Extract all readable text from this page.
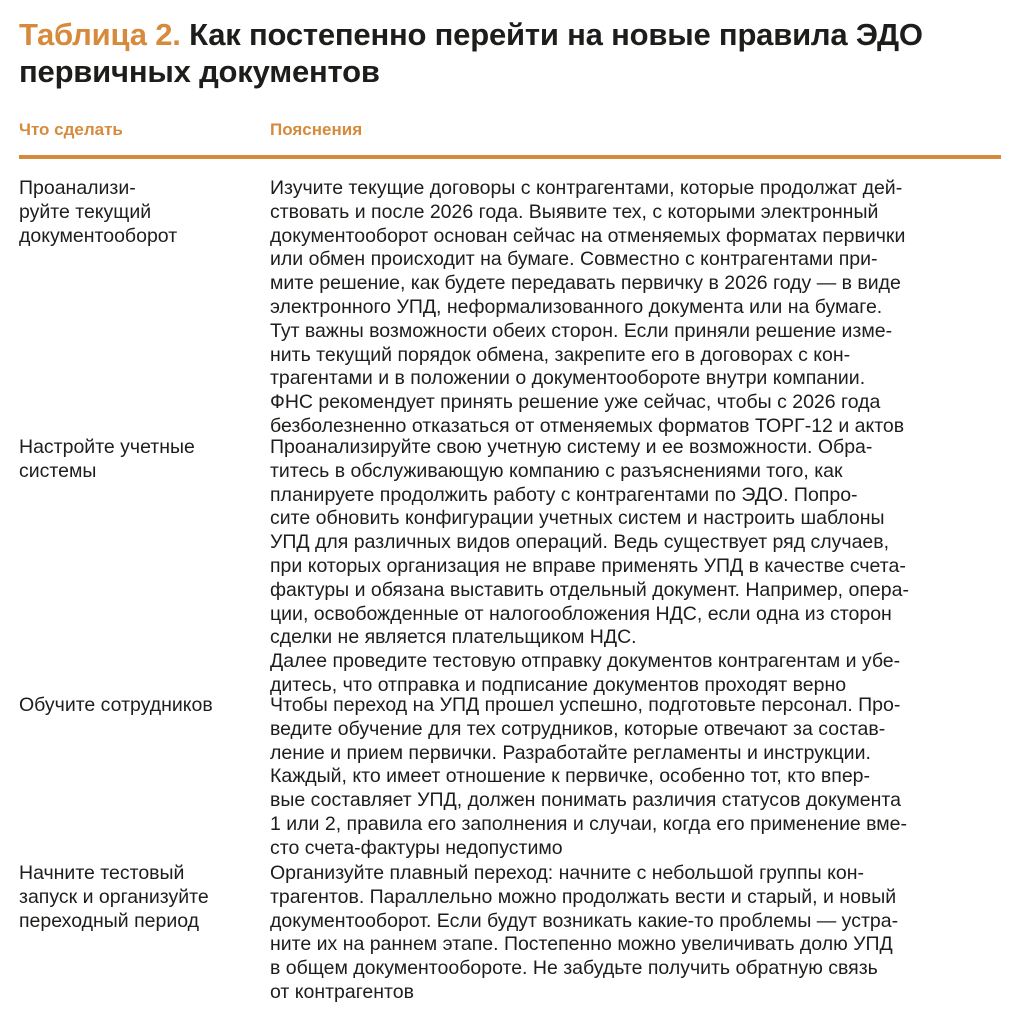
Таблица 2. Как постепенно перейти на новые правила ЭДО первичных документов
Что сделать	Пояснения
Проанализи-
руйте текущий
документооборот
Изучите текущие договоры с контрагентами, которые продолжат дей-
ствовать и после 2026 года. Выявите тех, с которыми электронный
документооборот основан сейчас на отменяемых форматах первички
или обмен происходит на бумаге. Совместно с контрагентами при-
мите решение, как будете передавать первичку в 2026 году — в виде
электронного УПД, неформализованного документа или на бумаге.
Тут важны возможности обеих сторон. Если приняли решение изме-
нить текущий порядок обмена, закрепите его в договорах с кон-
трагентами и в положении о документообороте внутри компании.
ФНС рекомендует принять решение уже сейчас, чтобы с 2026 года
безболезненно отказаться от отменяемых форматов ТОРГ-12 и актов
Настройте учетные
системы
Проанализируйте свою учетную систему и ее возможности. Обра-
титесь в обслуживающую компанию с разъяснениями того, как
планируете продолжить работу с контрагентами по ЭДО. Попро-
сите обновить конфигурации учетных систем и настроить шаблоны
УПД для различных видов операций. Ведь существует ряд случаев,
при которых организация не вправе применять УПД в качестве счета-
фактуры и обязана выставить отдельный документ. Например, опера-
ции, освобожденные от налогообложения НДС, если одна из сторон
сделки не является плательщиком НДС.
Далее проведите тестовую отправку документов контрагентам и убе-
дитесь, что отправка и подписание документов проходят верно
Обучите сотрудников	Чтобы переход на УПД прошел успешно, подготовьте персонал. Про-
ведите обучение для тех сотрудников, которые отвечают за состав-
ление и прием первички. Разработайте регламенты и инструкции.
Каждый, кто имеет отношение к первичке, особенно тот, кто впер-
вые составляет УПД, должен понимать различия статусов документа
1 или 2, правила его заполнения и случаи, когда его применение вме-
сто счета-фактуры недопустимо
Начните тестовый
запуск и организуйте
переходный период
Организуйте плавный переход: начните с небольшой группы кон-
трагентов. Параллельно можно продолжать вести и старый, и новый
документооборот. Если будут возникать какие-то проблемы — устра-
ните их на раннем этапе. Постепенно можно увеличивать долю УПД
в общем документообороте. Не забудьте получить обратную связь
от контрагентов
